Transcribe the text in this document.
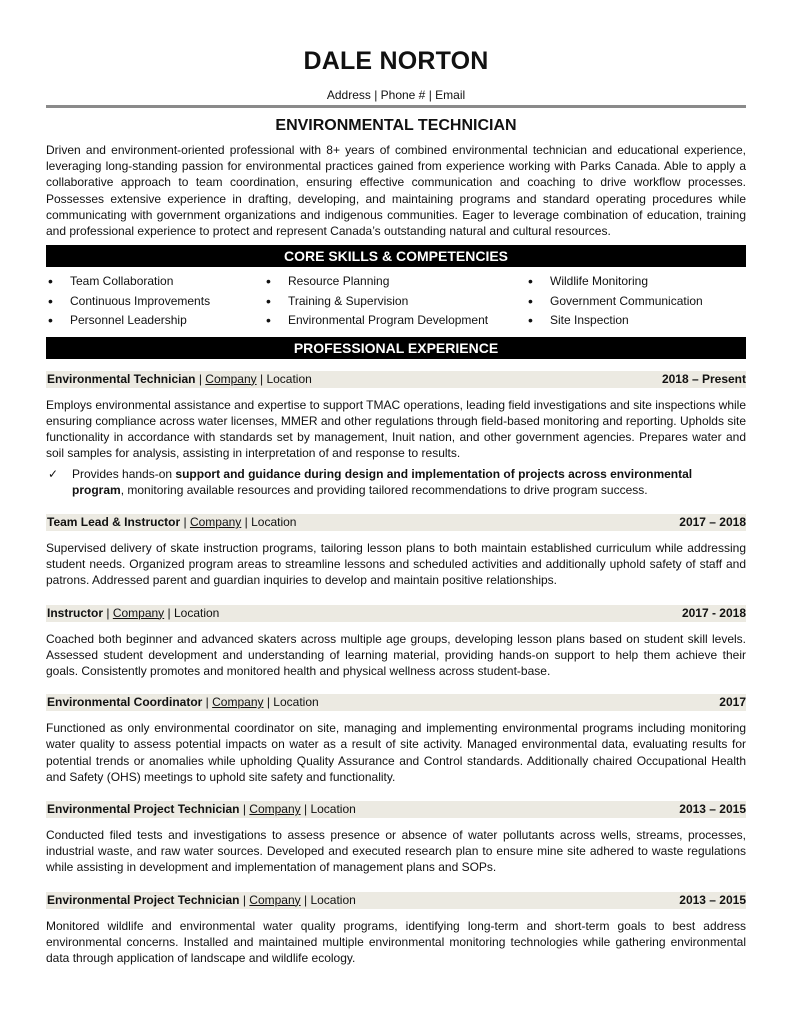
DALE NORTON
Address | Phone # | Email
ENVIRONMENTAL TECHNICIAN
Driven and environment-oriented professional with 8+ years of combined environmental technician and educational experience, leveraging long-standing passion for environmental practices gained from experience working with Parks Canada. Able to apply a collaborative approach to team coordination, ensuring effective communication and coaching to drive workflow processes. Possesses extensive experience in drafting, developing, and maintaining programs and standard operating procedures while communicating with government organizations and indigenous communities. Eager to leverage combination of education, training and professional experience to protect and represent Canada’s outstanding natural and cultural resources.
CORE SKILLS & COMPETENCIES
• Team Collaboration
• Continuous Improvements
• Personnel Leadership
• Resource Planning
• Training & Supervision
• Environmental Program Development
• Wildlife Monitoring
• Government Communication
• Site Inspection
PROFESSIONAL EXPERIENCE
Environmental Technician | Company | Location	2018 – Present
Employs environmental assistance and expertise to support TMAC operations, leading field investigations and site inspections while ensuring compliance across water licenses, MMER and other regulations through field-based monitoring and reporting. Upholds site functionality in accordance with standards set by management, Inuit nation, and other government agencies. Prepares water and soil samples for analysis, assisting in interpretation of and response to results.
✓	Provides hands-on support and guidance during design and implementation of projects across environmental program, monitoring available resources and providing tailored recommendations to drive program success.
Team Lead & Instructor | Company | Location	2017 – 2018
Supervised delivery of skate instruction programs, tailoring lesson plans to both maintain established curriculum while addressing student needs. Organized program areas to streamline lessons and scheduled activities and additionally uphold safety of staff and patrons. Addressed parent and guardian inquiries to develop and maintain positive relationships.
Instructor | Company | Location	2017 - 2018
Coached both beginner and advanced skaters across multiple age groups, developing lesson plans based on student skill levels. Assessed student development and understanding of learning material, providing hands-on support to help them achieve their goals. Consistently promotes and monitored health and physical wellness across student-base.
Environmental Coordinator | Company | Location	2017
Functioned as only environmental coordinator on site, managing and implementing environmental programs including monitoring water quality to assess potential impacts on water as a result of site activity. Managed environmental data, evaluating results for potential trends or anomalies while upholding Quality Assurance and Control standards. Additionally chaired Occupational Health and Safety (OHS) meetings to uphold site safety and functionality.
Environmental Project Technician | Company | Location	2013 – 2015
Conducted filed tests and investigations to assess presence or absence of water pollutants across wells, streams, processes, industrial waste, and raw water sources. Developed and executed research plan to ensure mine site adhered to waste regulations while assisting in development and implementation of management plans and SOPs.
Environmental Project Technician | Company | Location	2013 – 2015
Monitored wildlife and environmental water quality programs, identifying long-term and short-term goals to best address environmental concerns. Installed and maintained multiple environmental monitoring technologies while gathering environmental data through application of landscape and wildlife ecology.
